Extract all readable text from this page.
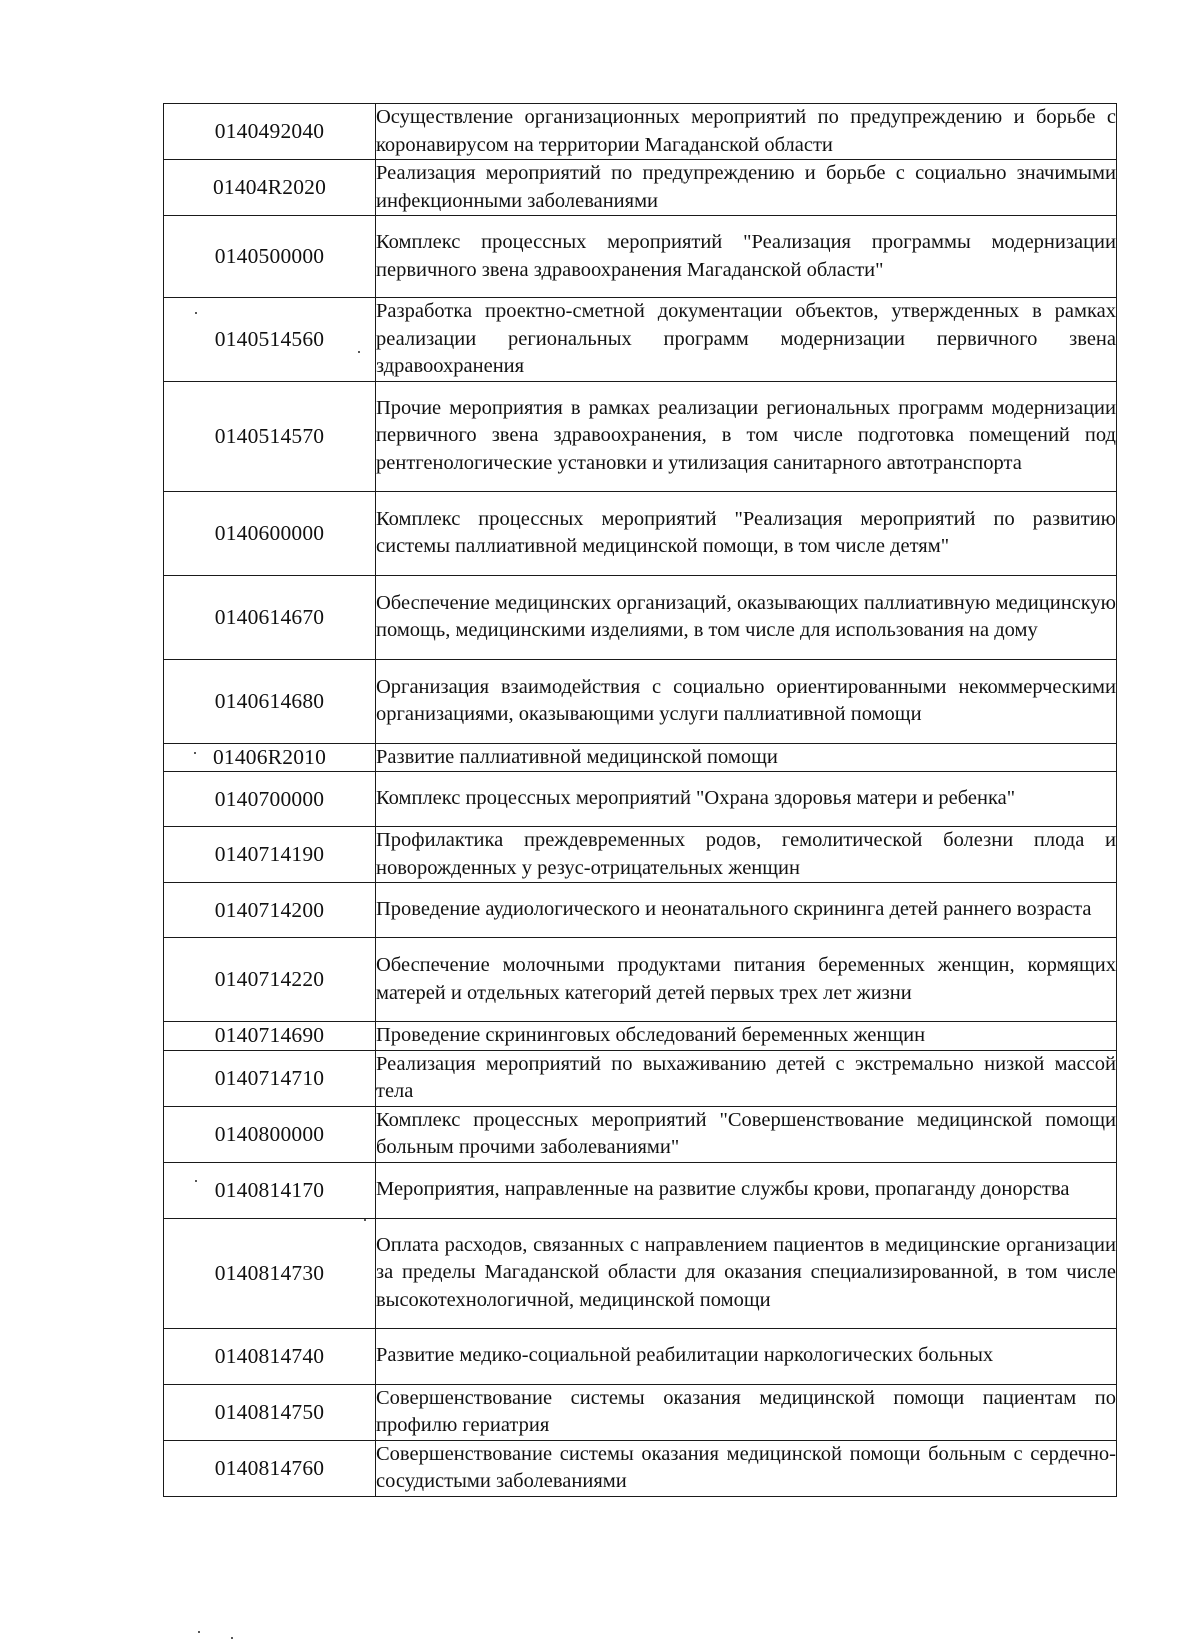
0140492040	Осуществление организационных мероприятий по предупреждению и борьбе с коронавирусом на территории Магаданской области
01404R2020	Реализация мероприятий по предупреждению и борьбе с социально значимыми инфекционными заболеваниями
0140500000	Комплекс процессных мероприятий "Реализация программы модернизации первичного звена здравоохранения Магаданской области"
0140514560	Разработка проектно-сметной документации объектов, утвержденных в рамках реализации региональных программ модернизации первичного звена здравоохранения
0140514570	Прочие мероприятия в рамках реализации региональных программ модернизации первичного звена здравоохранения, в том числе подготовка помещений под рентгенологические установки и утилизация санитарного автотранспорта
0140600000	Комплекс процессных мероприятий "Реализация мероприятий по развитию системы паллиативной медицинской помощи, в том числе детям"
0140614670	Обеспечение медицинских организаций, оказывающих паллиативную медицинскую помощь, медицинскими изделиями, в том числе для использования на дому
0140614680	Организация взаимодействия с социально ориентированными некоммерческими организациями, оказывающими услуги паллиативной помощи
01406R2010	Развитие паллиативной медицинской помощи
0140700000	Комплекс процессных мероприятий "Охрана здоровья матери и ребенка"
0140714190	Профилактика преждевременных родов, гемолитической болезни плода и новорожденных у резус-отрицательных женщин
0140714200	Проведение аудиологического и неонатального скрининга детей раннего возраста
0140714220	Обеспечение молочными продуктами питания беременных женщин, кормящих матерей и отдельных категорий детей первых трех лет жизни
0140714690	Проведение скрининговых обследований беременных женщин
0140714710	Реализация мероприятий по выхаживанию детей с экстремально низкой массой тела
0140800000	Комплекс процессных мероприятий "Совершенствование медицинской помощи больным прочими заболеваниями"
0140814170	Мероприятия, направленные на развитие службы крови, пропаганду донорства
0140814730	Оплата расходов, связанных с направлением пациентов в медицинские организации за пределы Магаданской области для оказания специализированной, в том числе высокотехнологичной, медицинской помощи
0140814740	Развитие медико-социальной реабилитации наркологических больных
0140814750	Совершенствование системы оказания медицинской помощи пациентам по профилю гериатрия
0140814760	Совершенствование системы оказания медицинской помощи больным с сердечно-сосудистыми заболеваниями
